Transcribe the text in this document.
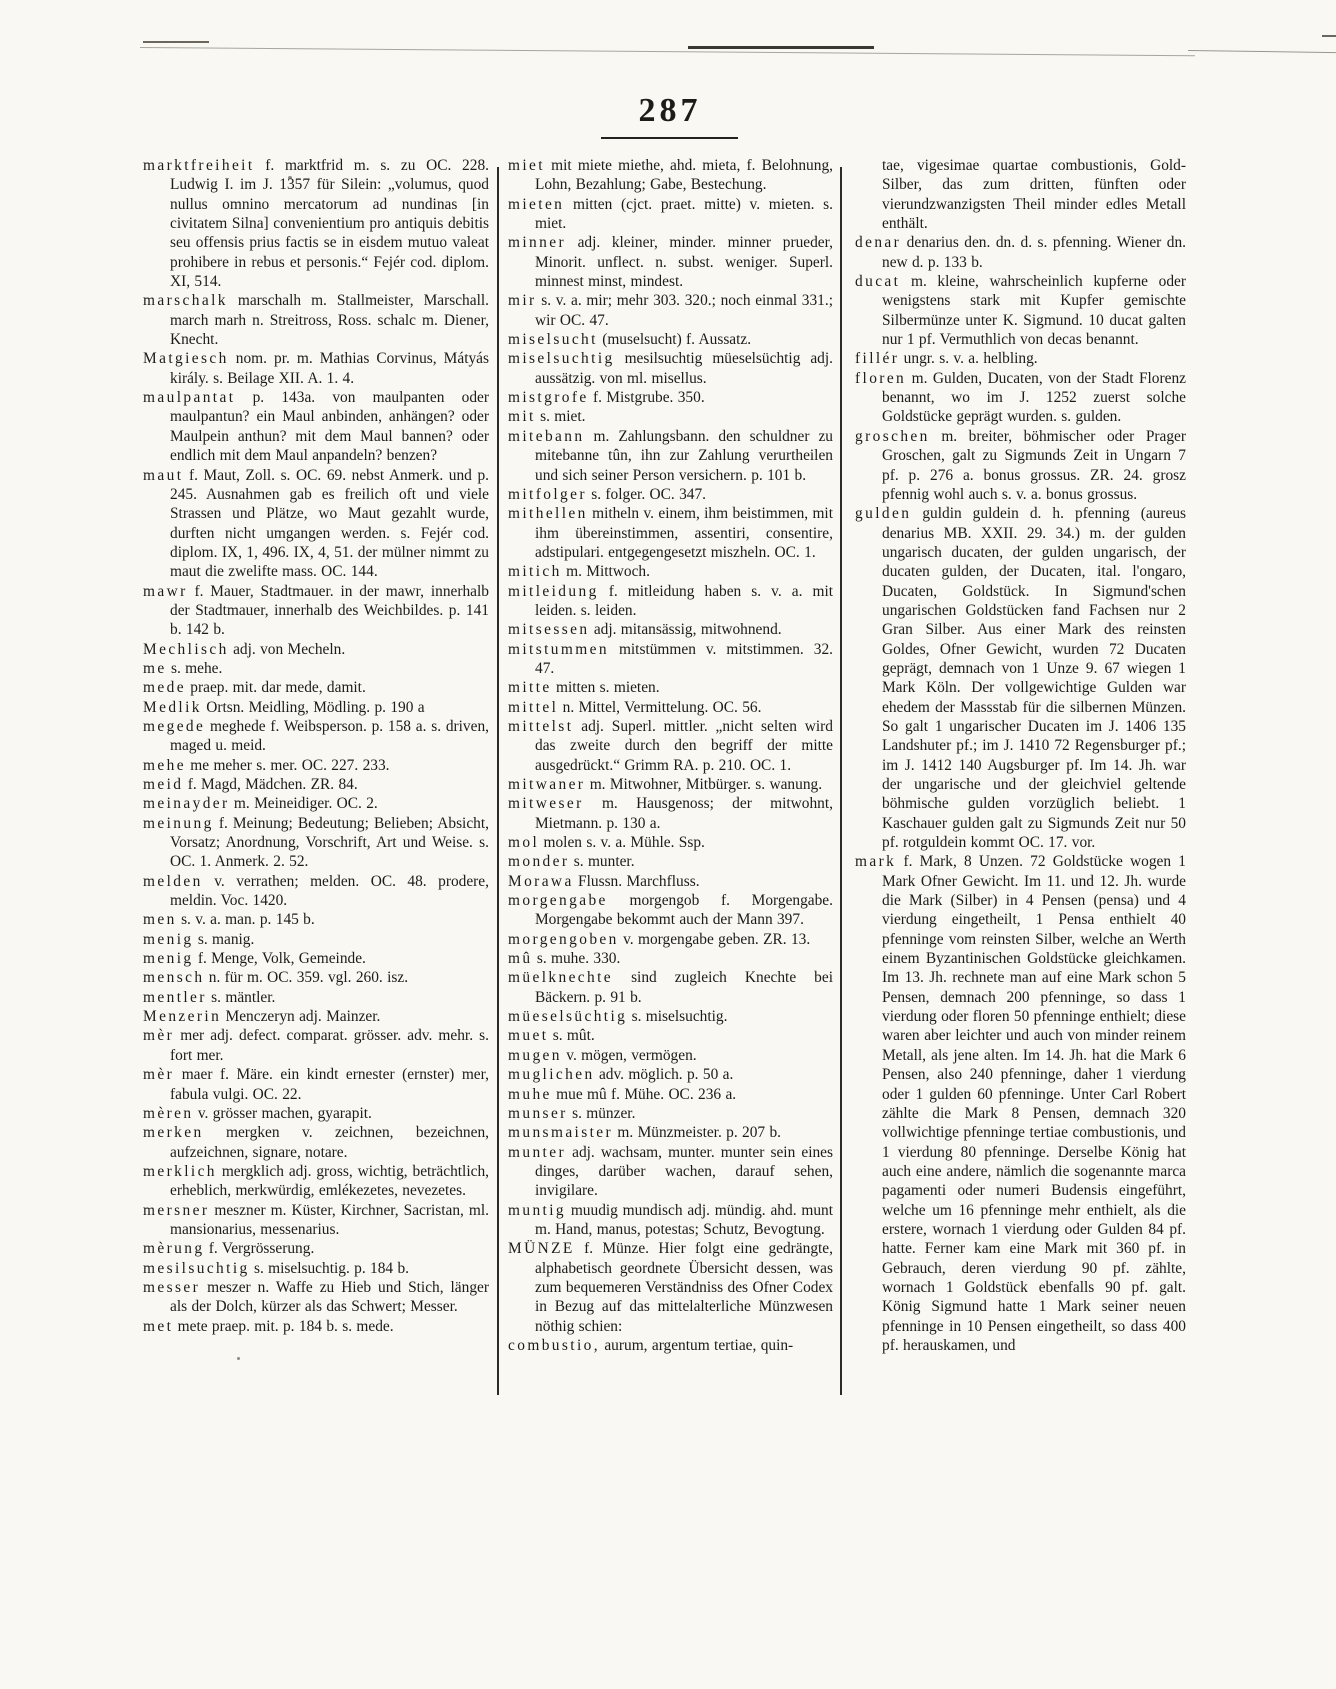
287

marktfreiheit f. marktfrid m. s. zu OC. 228. Ludwig I. im J. 1357 für Silein: „volumus, quod nullus omnino mercatorum ad nundinas [in civitatem Silna] convenientium pro antiquis debitis seu offensis prius factis se in eisdem mutuo valeat prohibere in rebus et personis.“ Fejér cod. diplom. XI, 514.

marschalk marschalh m. Stallmeister, Marschall. march marh n. Streitross, Ross. schalc m. Diener, Knecht.

Matgiesch nom. pr. m. Mathias Corvinus, Mátyás király. s. Beilage XII. A. 1. 4.

maulpantat p. 143a. von maulpanten oder maulpantun? ein Maul anbinden, anhängen? oder Maulpein anthun? mit dem Maul bannen? oder endlich mit dem Maul anpandeln? benzen?

maut f. Maut, Zoll. s. OC. 69. nebst Anmerk. und p. 245. Ausnahmen gab es freilich oft und viele Strassen und Plätze, wo Maut gezahlt wurde, durften nicht umgangen werden. s. Fejér cod. diplom. IX, 1, 496. IX, 4, 51. der mülner nimmt zu maut die zwelifte mass. OC. 144.

mawr f. Mauer, Stadtmauer. in der mawr, innerhalb der Stadtmauer, innerhalb des Weichbildes. p. 141 b. 142 b.

Mechlisch adj. von Mecheln.

me s. mehe.

mede praep. mit. dar mede, damit.

Medlik Ortsn. Meidling, Mödling. p. 190 a

megede meghede f. Weibsperson. p. 158 a. s. driven, maged u. meid.

mehe me meher s. mer. OC. 227. 233.

meid f. Magd, Mädchen. ZR. 84.

meinayder m. Meineidiger. OC. 2.

meinung f. Meinung; Bedeutung; Belieben; Absicht, Vorsatz; Anordnung, Vorschrift, Art und Weise. s. OC. 1. Anmerk. 2. 52.

melden v. verrathen; melden. OC. 48. prodere, meldin. Voc. 1420.

men s. v. a. man. p. 145 b.

menig s. manig.

menig f. Menge, Volk, Gemeinde.

mensch n. für m. OC. 359. vgl. 260. isz.

mentler s. mäntler.

Menzerin Menczeryn adj. Mainzer.

mèr mer adj. defect. comparat. grösser. adv. mehr. s. fort mer.

mèr maer f. Märe. ein kindt ernester (ernster) mer, fabula vulgi. OC. 22.

mèren v. grösser machen, gyarapit.

merken mergken v. zeichnen, bezeichnen, aufzeichnen, signare, notare.

merklich mergklich adj. gross, wichtig, beträchtlich, erheblich, merkwürdig, emlékezetes, nevezetes.

mersner meszner m. Küster, Kirchner, Sacristan, ml. mansionarius, messenarius.

mèrung f. Vergrösserung.

mesilsuchtig s. miselsuchtig. p. 184 b.

messer meszer n. Waffe zu Hieb und Stich, länger als der Dolch, kürzer als das Schwert; Messer.

met mete praep. mit. p. 184 b. s. mede.

miet mit miete miethe, ahd. mieta, f. Belohnung, Lohn, Bezahlung; Gabe, Bestechung.

mieten mitten (cjct. praet. mitte) v. mieten. s. miet.

minner adj. kleiner, minder. minner prueder, Minorit. unflect. n. subst. weniger. Superl. minnest minst, mindest.

mir s. v. a. mir; mehr 303. 320.; noch einmal 331.; wir OC. 47.

miselsucht (muselsucht) f. Aussatz.

miselsuchtig mesilsuchtig müeselsüchtig adj. aussätzig. von ml. misellus.

mistgrofe f. Mistgrube. 350.

mit s. miet.

mitebann m. Zahlungsbann. den schuldner zu mitebanne tûn, ihn zur Zahlung verurtheilen und sich seiner Person versichern. p. 101 b.

mitfolger s. folger. OC. 347.

mithellen mitheln v. einem, ihm beistimmen, mit ihm übereinstimmen, assentiri, consentire, adstipulari. entgegengesetzt miszheln. OC. 1.

mitich m. Mittwoch.

mitleidung f. mitleidung haben s. v. a. mit leiden. s. leiden.

mitsessen adj. mitansässig, mitwohnend.

mitstummen mitstümmen v. mitstimmen. 32. 47.

mitte mitten s. mieten.

mittel n. Mittel, Vermittelung. OC. 56.

mittelst adj. Superl. mittler. „nicht selten wird das zweite durch den begriff der mitte ausgedrückt.“ Grimm RA. p. 210. OC. 1.

mitwaner m. Mitwohner, Mitbürger. s. wanung.

mitweser m. Hausgenoss; der mitwohnt, Mietmann. p. 130 a.

mol molen s. v. a. Mühle. Ssp.

monder s. munter.

Morawa Flussn. Marchfluss.

morgengabe morgengob f. Morgengabe. Morgengabe bekommt auch der Mann 397.

morgengoben v. morgengabe geben. ZR. 13.

mû s. muhe. 330.

müelknechte sind zugleich Knechte bei Bäckern. p. 91 b.

müeselsüchtig s. miselsuchtig.

muet s. mût.

mugen v. mögen, vermögen.

muglichen adv. möglich. p. 50 a.

muhe mue mû f. Mühe. OC. 236 a.

munser s. münzer.

munsmaister m. Münzmeister. p. 207 b.

munter adj. wachsam, munter. munter sein eines dinges, darüber wachen, darauf sehen, invigilare.

muntig muudig mundisch adj. mündig. ahd. munt m. Hand, manus, potestas; Schutz, Bevogtung.

MÜNZE f. Münze. Hier folgt eine gedrängte, alphabetisch geordnete Übersicht dessen, was zum bequemeren Verständniss des Ofner Codex in Bezug auf das mittelalterliche Münzwesen nöthig schien:

combustio, aurum, argentum tertiae, quin-

tae, vigesimae quartae combustionis, Gold-Silber, das zum dritten, fünften oder vierundzwanzigsten Theil minder edles Metall enthält.

denar denarius den. dn. d. s. pfenning. Wiener dn. new d. p. 133 b.

ducat m. kleine, wahrscheinlich kupferne oder wenigstens stark mit Kupfer gemischte Silbermünze unter K. Sigmund. 10 ducat galten nur 1 pf. Vermuthlich von decas benannt.

fillér ungr. s. v. a. helbling.

floren m. Gulden, Ducaten, von der Stadt Florenz benannt, wo im J. 1252 zuerst solche Goldstücke geprägt wurden. s. gulden.

groschen m. breiter, böhmischer oder Prager Groschen, galt zu Sigmunds Zeit in Ungarn 7 pf. p. 276 a. bonus grossus. ZR. 24. grosz pfennig wohl auch s. v. a. bonus grossus.

gulden guldin guldein d. h. pfenning (aureus denarius MB. XXII. 29. 34.) m. der gulden ungarisch ducaten, der gulden ungarisch, der ducaten gulden, der Ducaten, ital. l'ongaro, Ducaten, Goldstück. In Sigmund'schen ungarischen Goldstücken fand Fachsen nur 2 Gran Silber. Aus einer Mark des reinsten Goldes, Ofner Gewicht, wurden 72 Ducaten geprägt, demnach von 1 Unze 9. 67 wiegen 1 Mark Köln. Der vollgewichtige Gulden war ehedem der Massstab für die silbernen Münzen. So galt 1 ungarischer Ducaten im J. 1406 135 Landshuter pf.; im J. 1410 72 Regensburger pf.; im J. 1412 140 Augsburger pf. Im 14. Jh. war der ungarische und der gleichviel geltende böhmische gulden vorzüglich beliebt. 1 Kaschauer gulden galt zu Sigmunds Zeit nur 50 pf. rotguldein kommt OC. 17. vor.

mark f. Mark, 8 Unzen. 72 Goldstücke wogen 1 Mark Ofner Gewicht. Im 11. und 12. Jh. wurde die Mark (Silber) in 4 Pensen (pensa) und 4 vierdung eingetheilt, 1 Pensa enthielt 40 pfenninge vom reinsten Silber, welche an Werth einem Byzantinischen Goldstücke gleichkamen. Im 13. Jh. rechnete man auf eine Mark schon 5 Pensen, demnach 200 pfenninge, so dass 1 vierdung oder floren 50 pfenninge enthielt; diese waren aber leichter und auch von minder reinem Metall, als jene alten. Im 14. Jh. hat die Mark 6 Pensen, also 240 pfenninge, daher 1 vierdung oder 1 gulden 60 pfenninge. Unter Carl Robert zählte die Mark 8 Pensen, demnach 320 vollwichtige pfenninge tertiae combustionis, und 1 vierdung 80 pfenninge. Derselbe König hat auch eine andere, nämlich die sogenannte marca pagamenti oder numeri Budensis eingeführt, welche um 16 pfenninge mehr enthielt, als die erstere, wornach 1 vierdung oder Gulden 84 pf. hatte. Ferner kam eine Mark mit 360 pf. in Gebrauch, deren vierdung 90 pf. zählte, wornach 1 Goldstück ebenfalls 90 pf. galt. König Sigmund hatte 1 Mark seiner neuen pfenninge in 10 Pensen eingetheilt, so dass 400 pf. herauskamen, und
